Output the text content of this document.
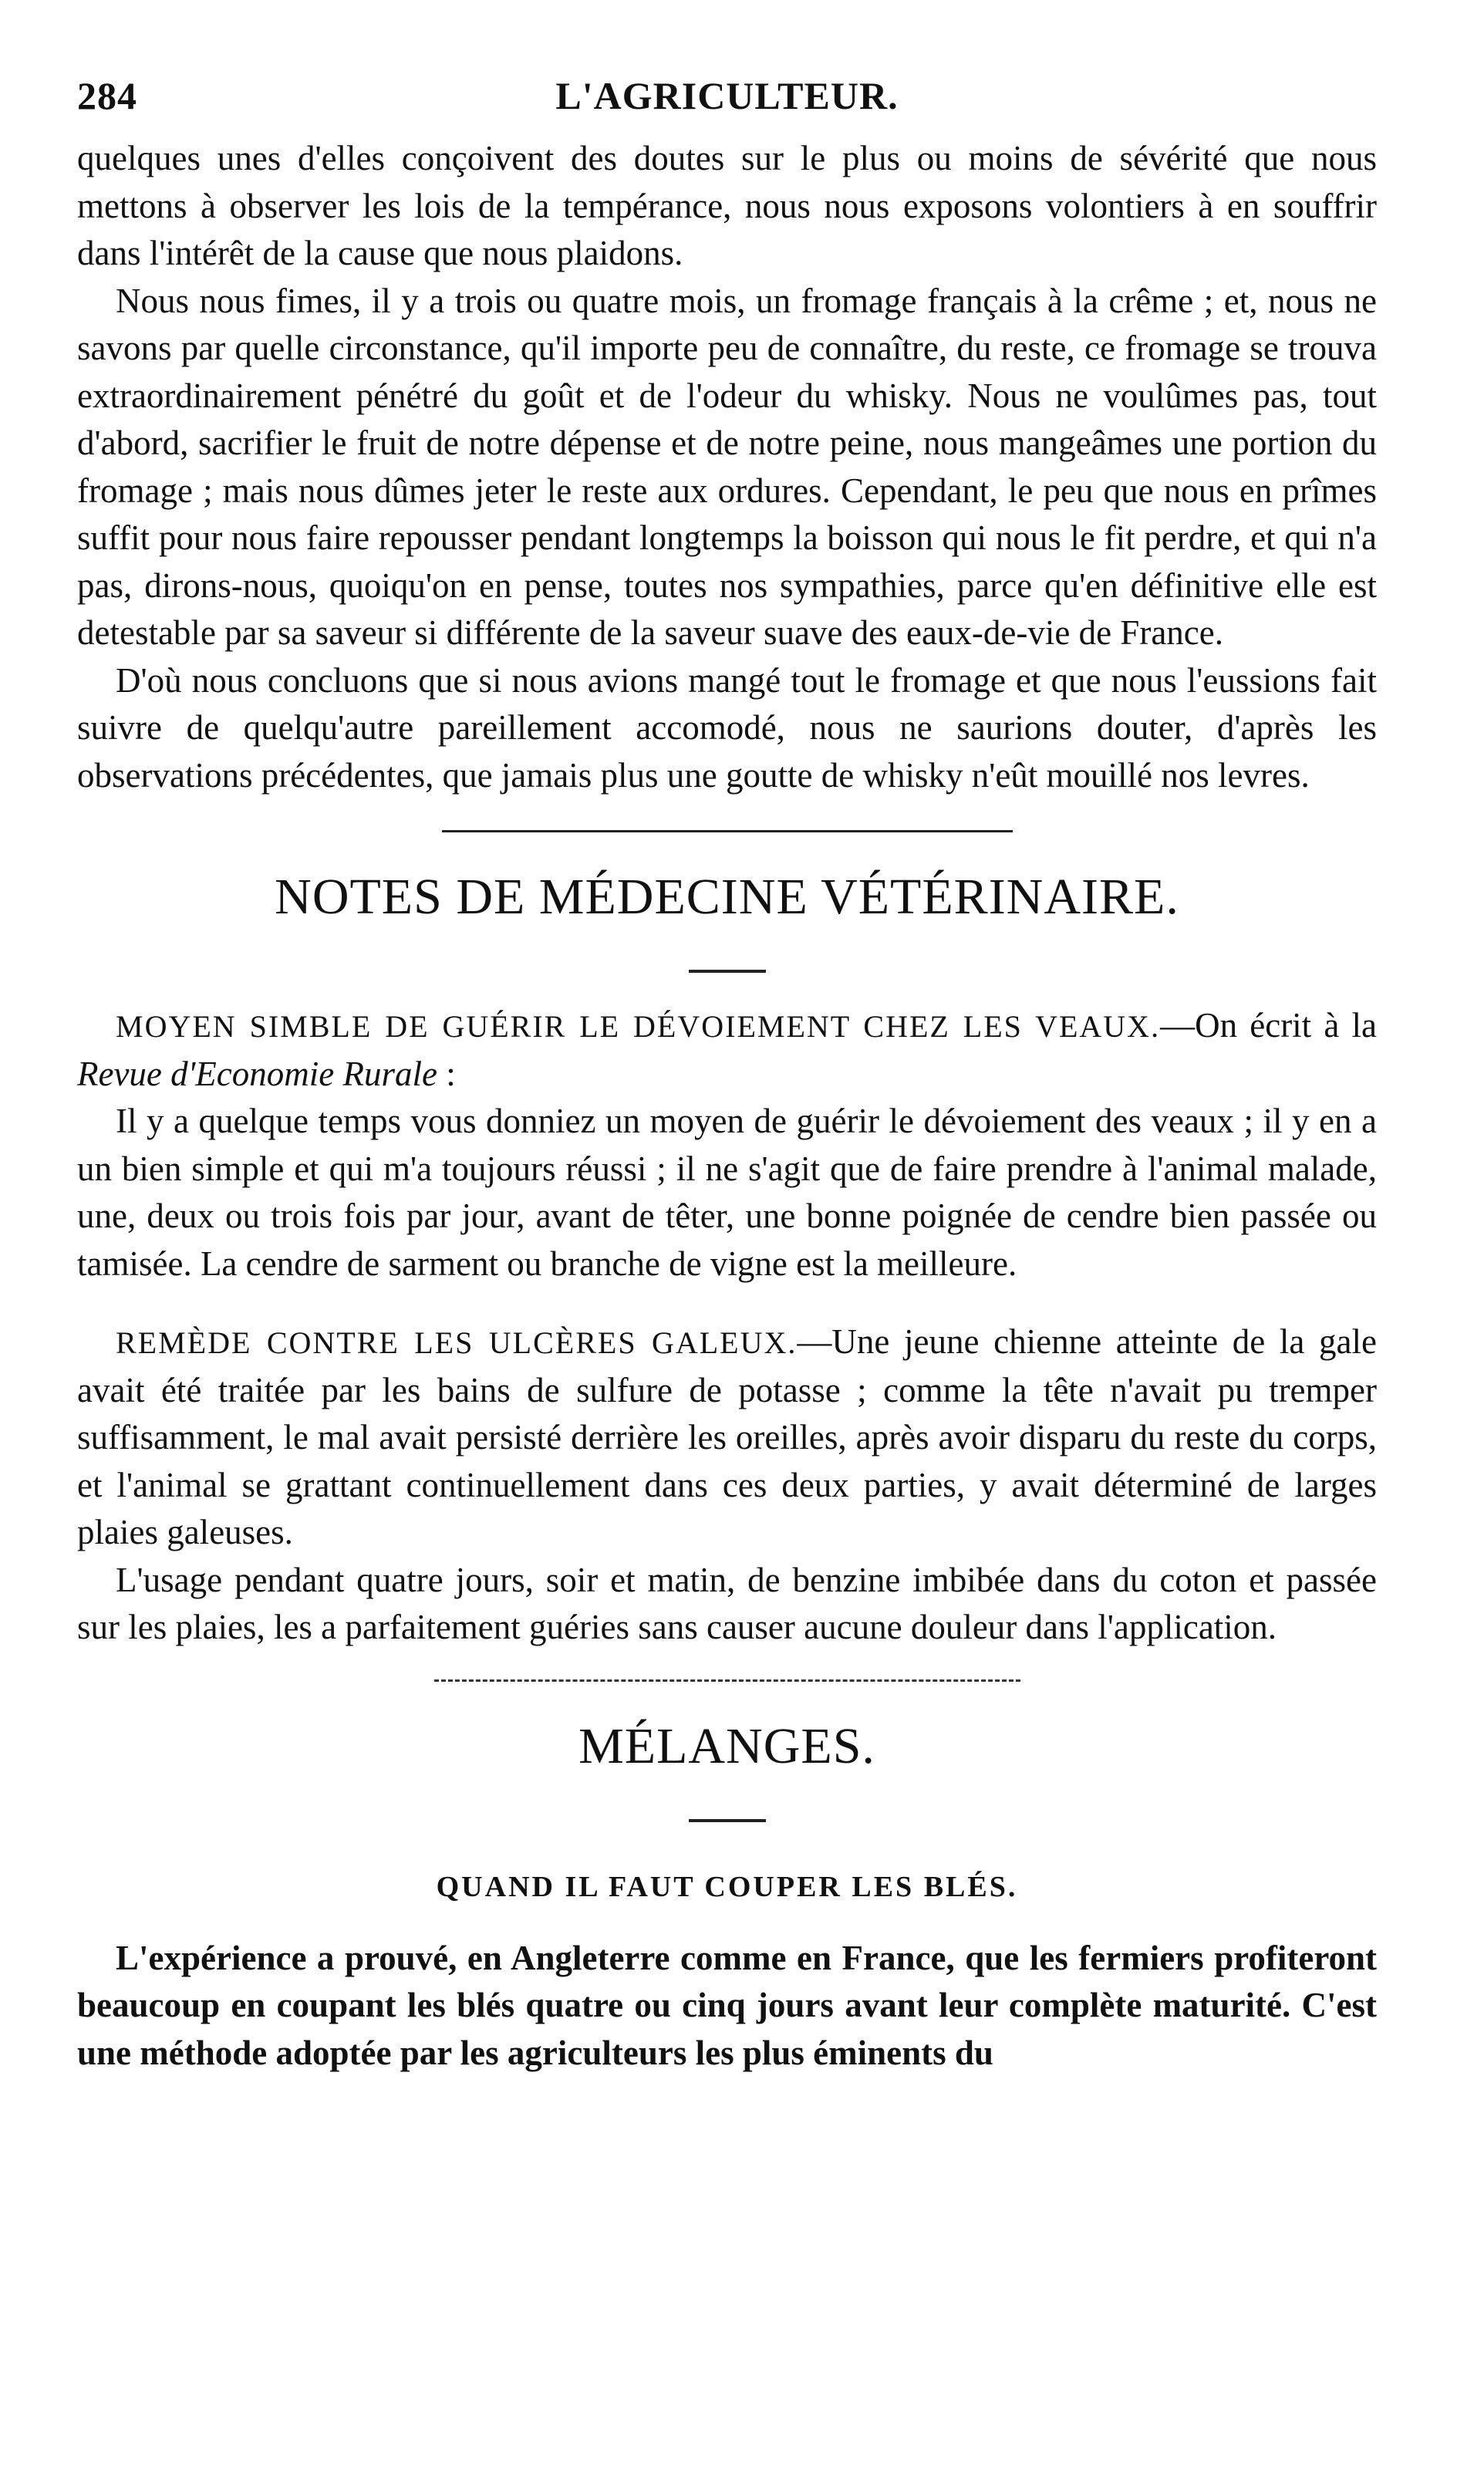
284	L'AGRICULTEUR.

quelques unes d'elles conçoivent des doutes sur le plus ou moins de sévérité que nous mettons à observer les lois de la tempérance, nous nous exposons volontiers à en souffrir dans l'intérêt de la cause que nous plaidons.

Nous nous fimes, il y a trois ou quatre mois, un fromage français à la crême ; et, nous ne savons par quelle circonstance, qu'il importe peu de connaître, du reste, ce fromage se trouva extraordinairement pénétré du goût et de l'odeur du whisky. Nous ne voulûmes pas, tout d'abord, sacrifier le fruit de notre dépense et de notre peine, nous mangeâmes une portion du fromage ; mais nous dûmes jeter le reste aux ordures. Cependant, le peu que nous en prîmes suffit pour nous faire repousser pendant longtemps la boisson qui nous le fit perdre, et qui n'a pas, dirons-nous, quoiqu'on en pense, toutes nos sympathies, parce qu'en définitive elle est detestable par sa saveur si différente de la saveur suave des eaux-de-vie de France.

D'où nous concluons que si nous avions mangé tout le fromage et que nous l'eussions fait suivre de quelqu'autre pareillement accomodé, nous ne saurions douter, d'après les observations précédentes, que jamais plus une goutte de whisky n'eût mouillé nos levres.

NOTES DE MÉDECINE VÉTÉRINAIRE.

MOYEN SIMBLE DE GUÉRIR LE DÉVOIEMENT CHEZ LES VEAUX.—On écrit à la Revue d'Economie Rurale :

Il y a quelque temps vous donniez un moyen de guérir le dévoiement des veaux ; il y en a un bien simple et qui m'a toujours réussi ; il ne s'agit que de faire prendre à l'animal malade, une, deux ou trois fois par jour, avant de têter, une bonne poignée de cendre bien passée ou tamisée. La cendre de sarment ou branche de vigne est la meilleure.

REMÈDE CONTRE LES ULCÈRES GALEUX.—Une jeune chienne atteinte de la gale avait été traitée par les bains de sulfure de potasse ; comme la tête n'avait pu tremper suffisamment, le mal avait persisté derrière les oreilles, après avoir disparu du reste du corps, et l'animal se grattant continuellement dans ces deux parties, y avait déterminé de larges plaies galeuses.

L'usage pendant quatre jours, soir et matin, de benzine imbibée dans du coton et passée sur les plaies, les a parfaitement guéries sans causer aucune douleur dans l'application.

MÉLANGES.
QUAND IL FAUT COUPER LES BLÉS.

L'expérience a prouvé, en Angleterre comme en France, que les fermiers profiteront beaucoup en coupant les blés quatre ou cinq jours avant leur complète maturité. C'est une méthode adoptée par les agriculteurs les plus éminents du
